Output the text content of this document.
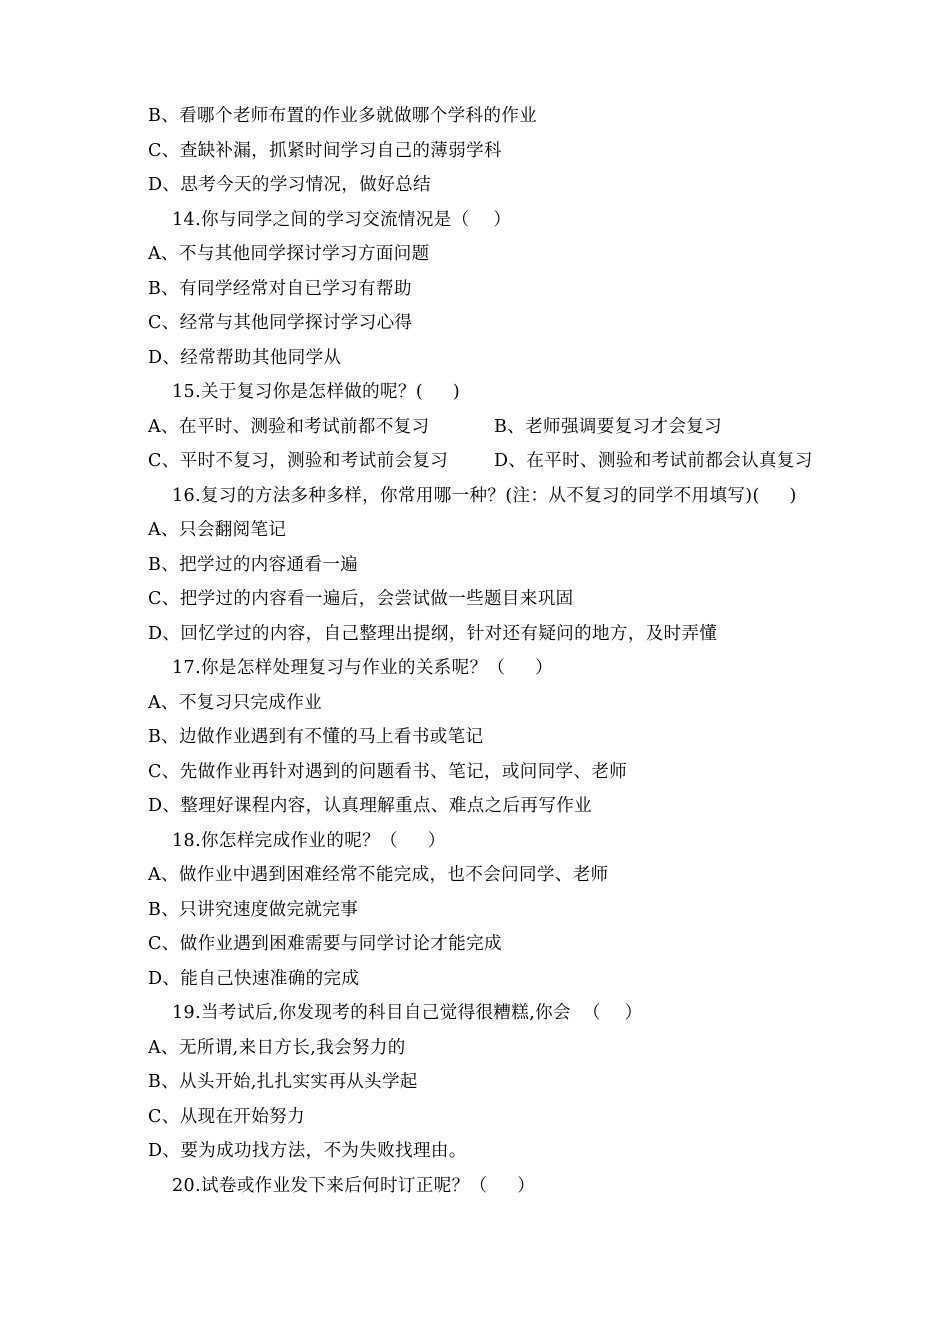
B、看哪个老师布置的作业多就做哪个学科的作业
C、查缺补漏，抓紧时间学习自己的薄弱学科
D、思考今天的学习情况，做好总结
14.你与同学之间的学习交流情况是（    ）
A、不与其他同学探讨学习方面问题
B、有同学经常对自已学习有帮助
C、经常与其他同学探讨学习心得
D、经常帮助其他同学从
15.关于复习你是怎样做的呢？(     )
A、在平时、测验和考试前都不复习	B、老师强调要复习才会复习
C、平时不复习，测验和考试前会复习	D、在平时、测验和考试前都会认真复习
16.复习的方法多种多样，你常用哪一种？(注：从不复习的同学不用填写)(     )
A、只会翻阅笔记
B、把学过的内容通看一遍
C、把学过的内容看一遍后，会尝试做一些题目来巩固
D、回忆学过的内容，自己整理出提纲，针对还有疑问的地方，及时弄懂
17.你是怎样处理复习与作业的关系呢？（     ）
A、不复习只完成作业
B、边做作业遇到有不懂的马上看书或笔记
C、先做作业再针对遇到的问题看书、笔记，或问同学、老师
D、整理好课程内容，认真理解重点、难点之后再写作业
18.你怎样完成作业的呢？（     ）
A、做作业中遇到困难经常不能完成，也不会问同学、老师
B、只讲究速度做完就完事
C、做作业遇到困难需要与同学讨论才能完成
D、能自己快速准确的完成
19.当考试后,你发现考的科目自己觉得很糟糕,你会  （    ）
A、无所谓,来日方长,我会努力的
B、从头开始,扎扎实实再从头学起
C、从现在开始努力
D、要为成功找方法，不为失败找理由。
20.试卷或作业发下来后何时订正呢？（     ）
